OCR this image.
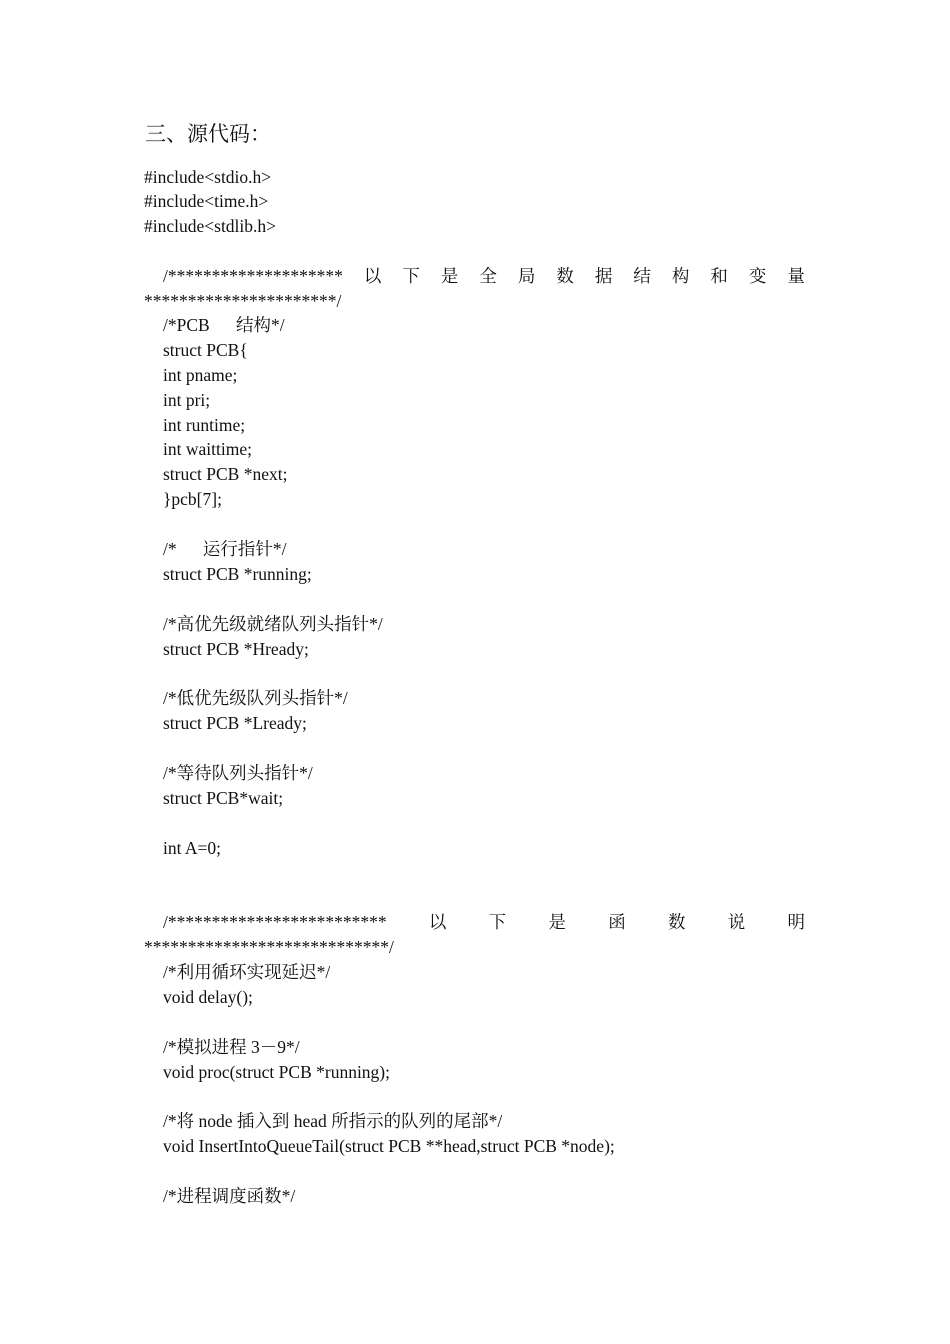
三、源代码：
#include<stdio.h>
#include<time.h>
#include<stdlib.h>
/******************** 以 下 是 全 局 数 据 结 构 和 变 量
**********************/
/*PCB      结构*/
struct PCB{
int pname;
int pri;
int runtime;
int waittime;
struct PCB *next;
}pcb[7];
/*      运行指针*/
struct PCB *running;
/*高优先级就绪队列头指针*/
struct PCB *Hready;
/*低优先级队列头指针*/
struct PCB *Lready;
/*等待队列头指针*/
struct PCB*wait;
int A=0;
/************************* 以 下 是 函 数 说 明
****************************/
/*利用循环实现延迟*/
void delay();
/*模拟进程 3－9*/
void proc(struct PCB *running);
/*将 node 插入到 head 所指示的队列的尾部*/
void InsertIntoQueueTail(struct PCB **head,struct PCB *node);
/*进程调度函数*/
